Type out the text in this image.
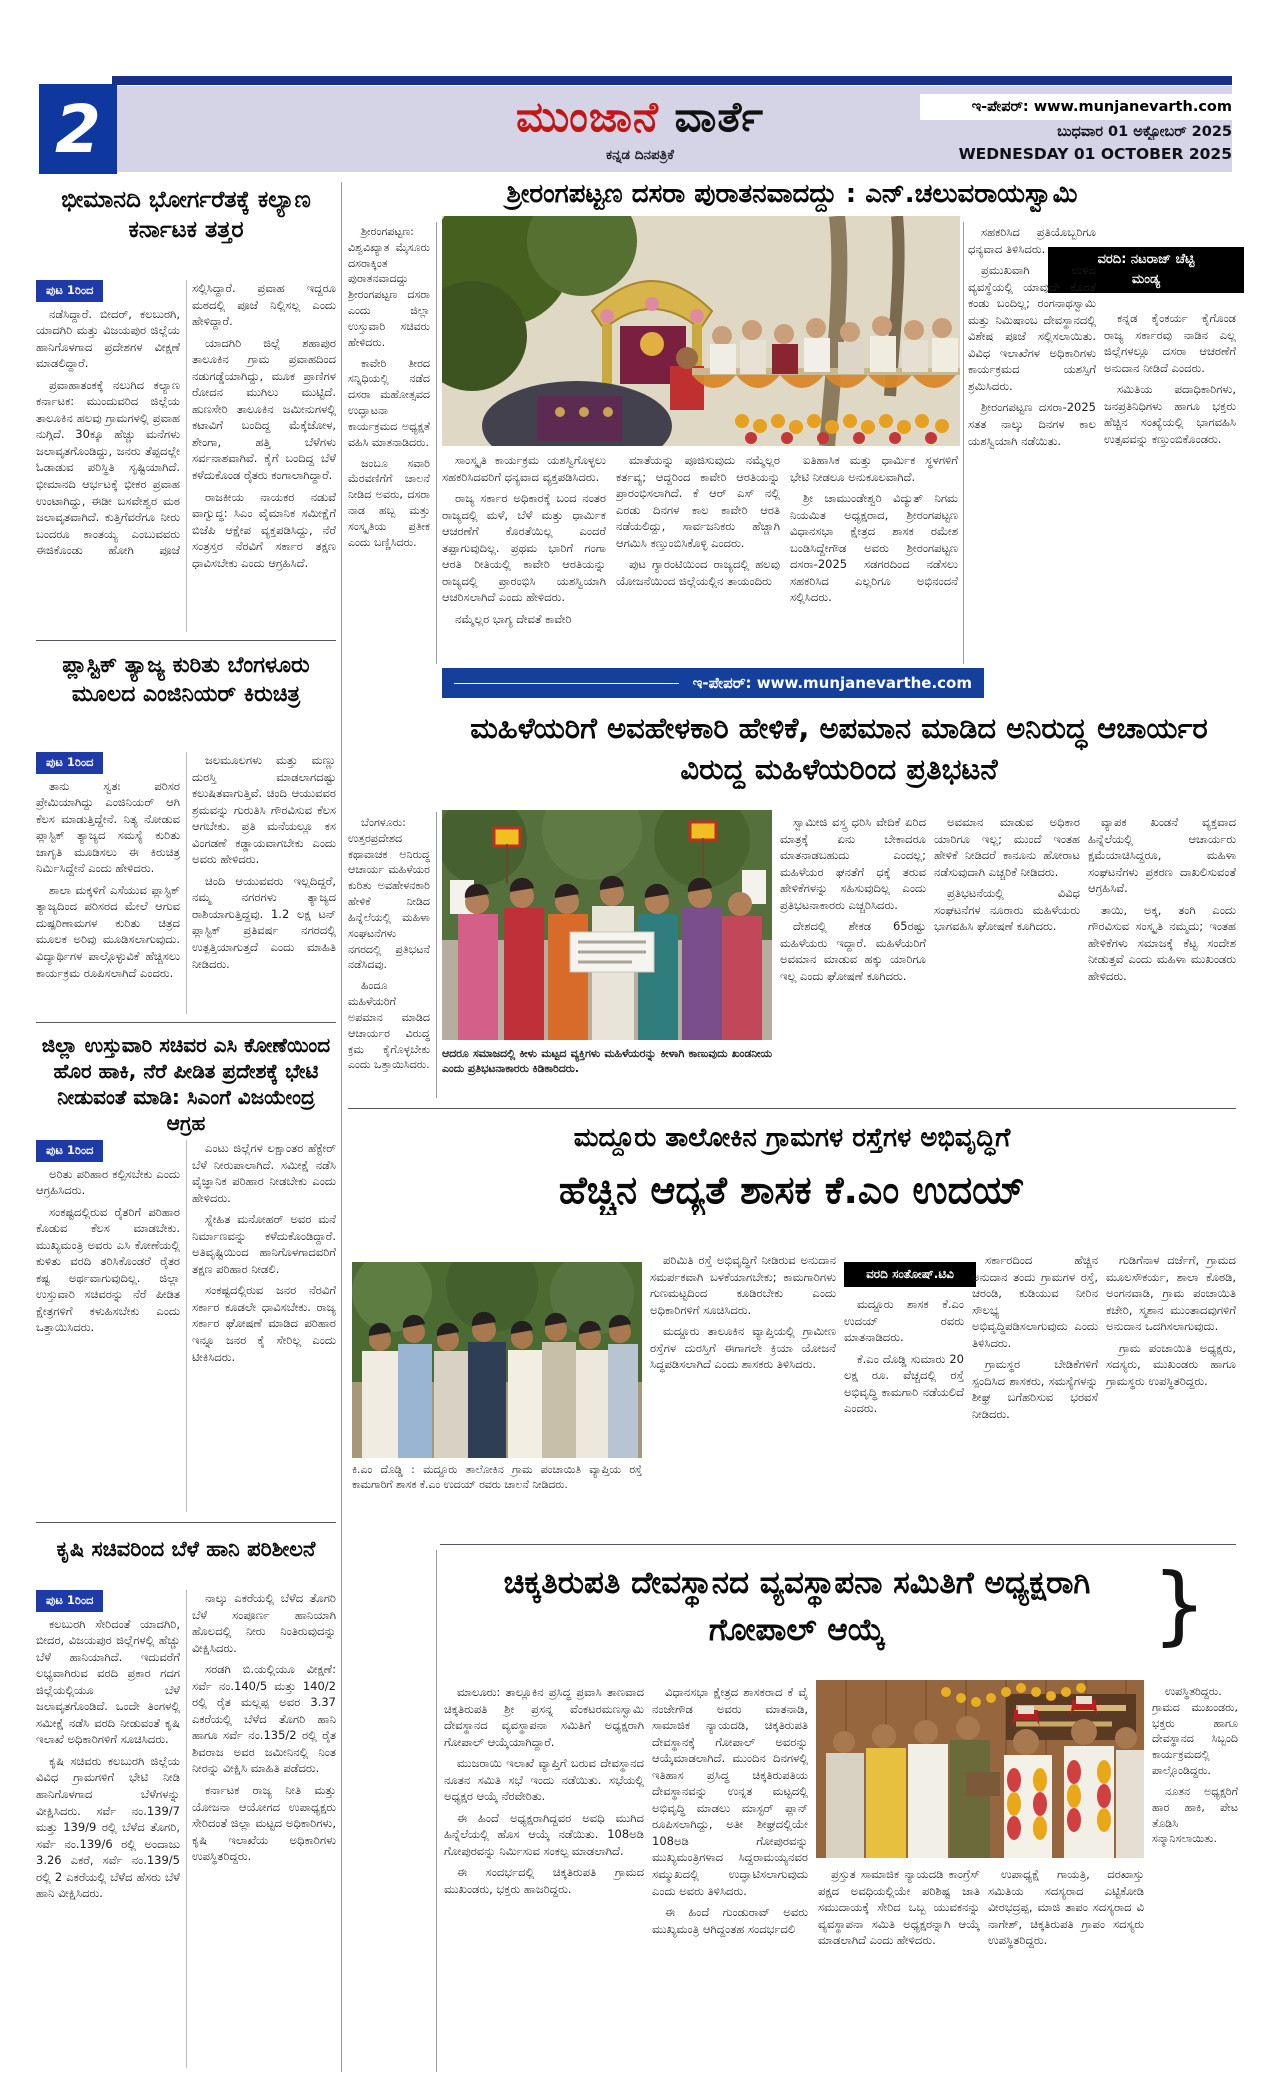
2	ಮುಂಜಾನೆ ವಾರ್ತೆ
ಕನ್ನಡ ದಿನಪತ್ರಿಕೆ
ಇ-ಪೇಪರ್: www.munjanevarth.com
ಬುಧವಾರ 01 ಅಕ್ಟೋಬರ್ 2025
WEDNESDAY 01 OCTOBER 2025
ಭೀಮಾನದಿ ಭೋರ್ಗರೆತಕ್ಕೆ ಕಲ್ಯಾಣ ಕರ್ನಾಟಕ ತತ್ತರ
ಪುಟ 1ರಿಂದ

ನಡೆಸಿದ್ದಾರೆ. ಬೀದರ್, ಕಲಬುರಗಿ, ಯಾದಗಿರಿ ಮತ್ತು ವಿಜಯಪುರ ಜಿಲ್ಲೆಯ ಹಾನಿಗೊಳಗಾದ ಪ್ರದೇಶಗಳ ವೀಕ್ಷಣೆ ಮಾಡಲಿದ್ದಾರೆ.

ಪ್ರವಾಹಾತಂಕಕ್ಕೆ ನಲುಗಿದ ಕಲ್ಯಾಣ ಕರ್ನಾಟಕ: ಮುಂದುವರಿದ ಜಿಲ್ಲೆಯ ತಾಲೂಕಿನ ಹಲವು ಗ್ರಾಮಗಳಲ್ಲಿ ಪ್ರವಾಹ ನುಗ್ಗಿದೆ. 30ಕ್ಕೂ ಹೆಚ್ಚು ಮನೆಗಳು ಜಲಾವೃತಗೊಂಡಿದ್ದು, ಜನರು ತೆಪ್ಪದಲ್ಲೇ ಓಡಾಡುವ ಪರಿಸ್ಥಿತಿ ಸೃಷ್ಟಿಯಾಗಿದೆ. ಭೀಮಾನದಿ ಆರ್ಭಟಕ್ಕೆ ಭೀಕರ ಪ್ರವಾಹ ಉಂಟಾಗಿದ್ದು, ಈಡೀ ಬಸವೇಶ್ವರ ಮಠ ಜಲಾವೃತವಾಗಿದೆ. ಕುತ್ತಿಗೆವರೆಗೂ ನೀರು ಬಂದರೂ ಕಾಂತಯ್ಯ ಎಂಬುವವರು ಈಜಿಕೊಂಡು ಹೋಗಿ ಪೂಜೆ ಸಲ್ಲಿಸಿದ್ದಾರೆ. ಪ್ರವಾಹ ಇದ್ದರೂ ಮಠದಲ್ಲಿ ಪೂಜೆ ನಿಲ್ಲಿಸಲ್ಲ ಎಂದು ಹೇಳಿದ್ದಾರೆ.

ಯಾದಗಿರಿ ಜಿಲ್ಲೆ ಶಹಾಪುರ ತಾಲೂಕಿನ ಗ್ರಾಮ ಪ್ರವಾಹದಿಂದ ನಡುಗಡ್ಡೆಯಾಗಿದ್ದು, ಮೂಕ ಪ್ರಾಣಿಗಳ ರೋದನ ಮುಗಿಲು ಮುಟ್ಟಿದೆ. ಹುಣಸೇರಿ ತಾಲೂಕಿನ ಜಮೀನುಗಳಲ್ಲಿ ಕಟಾವಿಗೆ ಬಂದಿದ್ದ ಮೆಕ್ಕೆಜೋಳ, ಶೇಂಗಾ, ಹತ್ತಿ ಬೆಳೆಗಳು ಸರ್ವನಾಶವಾಗಿವೆ. ಕೈಗೆ ಬಂದಿದ್ದ ಬೆಳೆ ಕಳೆದುಕೊಂಡ ರೈತರು ಕಂಗಾಲಾಗಿದ್ದಾರೆ.

ರಾಜಕೀಯ ನಾಯಕರ ನಡುವೆ ವಾಗ್ವುದ್ಧ: ಸಿಎಂ ವೈಮಾನಿಕ ಸಮೀಕ್ಷೆಗೆ ಬಿಜೆಪಿ ಆಕ್ಷೇಪ ವ್ಯಕ್ತಪಡಿಸಿದ್ದು, ನೆರೆ ಸಂತ್ರಸ್ತರ ನೆರವಿಗೆ ಸರ್ಕಾರ ತಕ್ಷಣ ಧಾವಿಸಬೇಕು ಎಂದು ಆಗ್ರಹಿಸಿದೆ.

ಪ್ಲಾಸ್ಟಿಕ್ ತ್ಯಾಜ್ಯ ಕುರಿತು ಬೆಂಗಳೂರು ಮೂಲದ ಎಂಜಿನಿಯರ್ ಕಿರುಚಿತ್ರ
ಪುಟ 1ರಿಂದ

ತಾನು ಸ್ವತಃ ಪರಿಸರ ಪ್ರೇಮಿಯಾಗಿದ್ದು ಎಂಜಿನಿಯರ್ ಆಗಿ ಕೆಲಸ ಮಾಡುತ್ತಿದ್ದೇನೆ. ನಿತ್ಯ ನೋಡುವ ಪ್ಲಾಸ್ಟಿಕ್ ತ್ಯಾಜ್ಯದ ಸಮಸ್ಯೆ ಕುರಿತು ಜಾಗೃತಿ ಮೂಡಿಸಲು ಈ ಕಿರುಚಿತ್ರ ನಿರ್ಮಿಸಿದ್ದೇನೆ ಎಂದು ಹೇಳಿದರು.

ಶಾಲಾ ಮಕ್ಕಳಿಗೆ ಎಸೆಯುವ ಪ್ಲಾಸ್ಟಿಕ್ ತ್ಯಾಜ್ಯದಿಂದ ಪರಿಸರದ ಮೇಲೆ ಆಗುವ ದುಷ್ಪರಿಣಾಮಗಳ ಕುರಿತು ಚಿತ್ರದ ಮೂಲಕ ಅರಿವು ಮೂಡಿಸಲಾಗುವುದು. ವಿದ್ಯಾರ್ಥಿಗಳ ಪಾಲ್ಗೊಳ್ಳುವಿಕೆ ಹೆಚ್ಚಿಸಲು ಕಾರ್ಯಕ್ರಮ ರೂಪಿಸಲಾಗಿದೆ ಎಂದರು.

ಜಲಮೂಲಗಳು ಮತ್ತು ಮಣ್ಣು ದುರಸ್ತಿ ಮಾಡಲಾಗದಷ್ಟು ಕಲುಷಿತವಾಗುತ್ತಿವೆ. ಚಿಂದಿ ಆಯುವವರ ಶ್ರಮವನ್ನು ಗುರುತಿಸಿ ಗೌರವಿಸುವ ಕೆಲಸ ಆಗಬೇಕು. ಪ್ರತಿ ಮನೆಯಲ್ಲೂ ಕಸ ವಿಂಗಡಣೆ ಕಡ್ಡಾಯವಾಗಬೇಕು ಎಂದು ಅವರು ಹೇಳಿದರು.

ಚಿಂದಿ ಆಯುವವರು ಇಲ್ಲದಿದ್ದರೆ, ನಮ್ಮ ನಗರಗಳು ತ್ಯಾಜ್ಯದ ರಾಶಿಯಾಗುತ್ತಿದ್ದವು. 1.2 ಲಕ್ಷ ಟನ್ ಪ್ಲಾಸ್ಟಿಕ್ ಪ್ರತಿವರ್ಷ ನಗರದಲ್ಲಿ ಉತ್ಪತ್ತಿಯಾಗುತ್ತದೆ ಎಂದು ಮಾಹಿತಿ ನೀಡಿದರು.

ಜಿಲ್ಲಾ ಉಸ್ತುವಾರಿ ಸಚಿವರ ಎಸಿ ಕೋಣೆಯಿಂದ ಹೊರ ಹಾಕಿ, ನೆರೆ ಪೀಡಿತ ಪ್ರದೇಶಕ್ಕೆ ಭೇಟಿ ನೀಡುವಂತೆ ಮಾಡಿ: ಸಿಎಂಗೆ ವಿಜಯೇಂದ್ರ ಆಗ್ರಹ
ಪುಟ 1ರಿಂದ

ಅರಿತು ಪರಿಹಾರ ಕಲ್ಪಿಸಬೇಕು ಎಂದು ಆಗ್ರಹಿಸಿದರು.

ಸಂಕಷ್ಟದಲ್ಲಿರುವ ರೈತರಿಗೆ ಪರಿಹಾರ ಕೊಡುವ ಕೆಲಸ ಮಾಡಬೇಕು. ಮುಖ್ಯಮಂತ್ರಿ ಅವರು ಎಸಿ ಕೋಣೆಯಲ್ಲಿ ಕುಳಿತು ವರದಿ ತರಿಸಿಕೊಂಡರೆ ರೈತರ ಕಷ್ಟ ಅರ್ಥವಾಗುವುದಿಲ್ಲ. ಜಿಲ್ಲಾ ಉಸ್ತುವಾರಿ ಸಚಿವರನ್ನು ನೆರೆ ಪೀಡಿತ ಕ್ಷೇತ್ರಗಳಿಗೆ ಕಳುಹಿಸಬೇಕು ಎಂದು ಒತ್ತಾಯಿಸಿದರು.

ಎಂಟು ಜಿಲ್ಲೆಗಳ ಲಕ್ಷಾಂತರ ಹೆಕ್ಟೇರ್ ಬೆಳೆ ನೀರುಪಾಲಾಗಿದೆ. ಸಮೀಕ್ಷೆ ನಡೆಸಿ ವೈಜ್ಞಾನಿಕ ಪರಿಹಾರ ನೀಡಬೇಕು ಎಂದು ಹೇಳಿದರು.

ಸ್ನೇಹಿತ ಮನೋಹರ್ ಅವರ ಮನೆ ನಿರ್ಮಾಣವನ್ನು ಕಳೆದುಕೊಂಡಿದ್ದಾರೆ. ಅತಿವೃಷ್ಟಿಯಿಂದ ಹಾನಿಗೊಳಗಾದವರಿಗೆ ತಕ್ಷಣ ಪರಿಹಾರ ನೀಡಲಿ.

ಸಂಕಷ್ಟದಲ್ಲಿರುವ ಜನರ ನೆರವಿಗೆ ಸರ್ಕಾರ ಕೂಡಲೇ ಧಾವಿಸಬೇಕು. ರಾಜ್ಯ ಸರ್ಕಾರ ಘೋಷಣೆ ಮಾಡಿದ ಪರಿಹಾರ ಇನ್ನೂ ಜನರ ಕೈ ಸೇರಿಲ್ಲ ಎಂದು ಟೀಕಿಸಿದರು.

ಕೃಷಿ ಸಚಿವರಿಂದ ಬೆಳೆ ಹಾನಿ ಪರಿಶೀಲನೆ
ಪುಟ 1ರಿಂದ

ಕಲಬುರಗಿ ಸೇರಿದಂತೆ ಯಾದಗಿರಿ, ಬೀದರ, ವಿಜಯಪುರ ಜಿಲ್ಲೆಗಳಲ್ಲಿ ಹೆಚ್ಚು ಬೆಳೆ ಹಾನಿಯಾಗಿದೆ. ಇದುವರೆಗೆ ಲಭ್ಯವಾಗಿರುವ ವರದಿ ಪ್ರಕಾರ ಗದಗ ಜಿಲ್ಲೆಯಲ್ಲಿಯೂ ಬೆಳೆ ಜಲಾವೃತಗೊಂಡಿದೆ. ಒಂದೇ ತಿಂಗಳಲ್ಲಿ ಸಮೀಕ್ಷೆ ನಡೆಸಿ ವರದಿ ನೀಡುವಂತೆ ಕೃಷಿ ಇಲಾಖೆ ಅಧಿಕಾರಿಗಳಿಗೆ ಸೂಚಿಸಿದರು.

ಕೃಷಿ ಸಚಿವರು ಕಲಬುರಗಿ ಜಿಲ್ಲೆಯ ವಿವಿಧ ಗ್ರಾಮಗಳಿಗೆ ಭೇಟಿ ನೀಡಿ ಹಾನಿಗೊಳಗಾದ ಬೆಳೆಗಳನ್ನು ವೀಕ್ಷಿಸಿದರು. ಸರ್ವೆ ನಂ.139/7 ಮತ್ತು 139/9 ರಲ್ಲಿ ಬೆಳೆದ ತೊಗರಿ, ಸರ್ವೆ ನಂ.139/6 ರಲ್ಲಿ ಅಂದಾಜು 3.26 ಎಕರೆ, ಸರ್ವೆ ನಂ.139/5 ರಲ್ಲಿ 2 ಎಕರೆಯಲ್ಲಿ ಬೆಳೆದ ಹೆಸರು ಬೆಳೆ ಹಾನಿ ವೀಕ್ಷಿಸಿದರು.

ನಾಲ್ಕು ಎಕರೆಯಲ್ಲಿ ಬೆಳೆದ ತೊಗರಿ ಬೆಳೆ ಸಂಪೂರ್ಣ ಹಾನಿಯಾಗಿ ಹೊಲದಲ್ಲಿ ನೀರು ನಿಂತಿರುವುದನ್ನು ವೀಕ್ಷಿಸಿದರು.

ಸರಡಗಿ ಬಿ.ಯಲ್ಲಿಯೂ ವೀಕ್ಷಣೆ: ಸರ್ವೆ ನಂ.140/5 ಮತ್ತು 140/2 ರಲ್ಲಿ ರೈತ ಮಲ್ಲಪ್ಪ ಅವರ 3.37 ಎಕರೆಯಲ್ಲಿ ಬೆಳೆದ ತೊಗರಿ ಹಾನಿ ಹಾಗೂ ಸರ್ವೆ ನಂ.135/2 ರಲ್ಲಿ ರೈತ ಶಿವರಾಜ ಅವರ ಜಮೀನಿನಲ್ಲಿ ನಿಂತ ನೀರನ್ನು ವೀಕ್ಷಿಸಿ ಮಾಹಿತಿ ಪಡೆದರು.

ಕರ್ನಾಟಕ ರಾಜ್ಯ ನೀತಿ ಮತ್ತು ಯೋಜನಾ ಆಯೋಗದ ಉಪಾಧ್ಯಕ್ಷರು ಸೇರಿದಂತೆ ಜಿಲ್ಲಾ ಮಟ್ಟದ ಅಧಿಕಾರಿಗಳು, ಕೃಷಿ ಇಲಾಖೆಯ ಅಧಿಕಾರಿಗಳು ಉಪಸ್ಥಿತರಿದ್ದರು.

ಶ್ರೀರಂಗಪಟ್ಟಣ ದಸರಾ ಪುರಾತನವಾದದ್ದು : ಎನ್.ಚಲುವರಾಯಸ್ವಾಮಿ

ಶ್ರೀರಂಗಪಟ್ಟಣ: ವಿಶ್ವವಿಖ್ಯಾತ ಮೈಸೂರು ದಸರಾಕ್ಕಿಂತ ಪುರಾತನವಾದದ್ದು ಶ್ರೀರಂಗಪಟ್ಟಣ ದಸರಾ ಎಂದು ಜಿಲ್ಲಾ ಉಸ್ತುವಾರಿ ಸಚಿವರು ಹೇಳಿದರು.

ಕಾವೇರಿ ತೀರದ ಸನ್ನಿಧಿಯಲ್ಲಿ ನಡೆದ ದಸರಾ ಮಹೋತ್ಸವದ ಉದ್ಘಾಟನಾ ಕಾರ್ಯಕ್ರಮದ ಅಧ್ಯಕ್ಷತೆ ವಹಿಸಿ ಮಾತನಾಡಿದರು.

ಜಂಬೂ ಸವಾರಿ ಮೆರವಣಿಗೆಗೆ ಚಾಲನೆ ನೀಡಿದ ಅವರು, ದಸರಾ ನಾಡ ಹಬ್ಬ ಮತ್ತು ಸಂಸ್ಕೃತಿಯ ಪ್ರತೀಕ ಎಂದು ಬಣ್ಣಿಸಿದರು.

ವರದಿ: ನಟರಾಜ್ ಚೆಟ್ಟಿ
ಮಂಡ್ಯ

ಸಹಕರಿಸಿದ ಪ್ರತಿಯೊಬ್ಬರಿಗೂ ಧನ್ಯವಾದ ತಿಳಿಸಿದರು.

ಪ್ರಮುಖವಾಗಿ ಉಳಿದ ವ್ಯವಸ್ಥೆಯಲ್ಲಿ ಯಾವುದೇ ಕೊರತೆ ಕಂಡು ಬಂದಿಲ್ಲ; ರಂಗನಾಥಸ್ವಾಮಿ ಮತ್ತು ನಿಮಿಷಾಂಬ ದೇವಸ್ಥಾನದಲ್ಲಿ ವಿಶೇಷ ಪೂಜೆ ಸಲ್ಲಿಸಲಾಯಿತು. ವಿವಿಧ ಇಲಾಖೆಗಳ ಅಧಿಕಾರಿಗಳು ಕಾರ್ಯಕ್ರಮದ ಯಶಸ್ಸಿಗೆ ಶ್ರಮಿಸಿದರು.

ಶ್ರೀರಂಗಪಟ್ಟಣ ದಸರಾ-2025 ಸತತ ನಾಲ್ಕು ದಿನಗಳ ಕಾಲ ಯಶಸ್ವಿಯಾಗಿ ನಡೆಯಿತು.

ಕನ್ನಡ ಕೈಂಕರ್ಯ ಕೈಗೊಂಡ ರಾಜ್ಯ ಸರ್ಕಾರವು ನಾಡಿನ ಎಲ್ಲ ಜಿಲ್ಲೆಗಳಲ್ಲೂ ದಸರಾ ಆಚರಣೆಗೆ ಅನುದಾನ ನೀಡಿದೆ ಎಂದರು.

ಸಮಿತಿಯ ಪದಾಧಿಕಾರಿಗಳು, ಜನಪ್ರತಿನಿಧಿಗಳು ಹಾಗೂ ಭಕ್ತರು ಹೆಚ್ಚಿನ ಸಂಖ್ಯೆಯಲ್ಲಿ ಭಾಗವಹಿಸಿ ಉತ್ಸವವನ್ನು ಕಣ್ತುಂಬಿಕೊಂಡರು.

ಸಾಂಸ್ಕೃತಿ ಕಾರ್ಯಕ್ರಮ ಯಶಸ್ವಿಗೊಳ್ಳಲು ಸಹಕರಿಸಿದವರಿಗೆ ಧನ್ಯವಾದ ವ್ಯಕ್ತಪಡಿಸಿದರು.

ರಾಜ್ಯ ಸರ್ಕಾರ ಅಧಿಕಾರಕ್ಕೆ ಬಂದ ನಂತರ ರಾಜ್ಯದಲ್ಲಿ ಮಳೆ, ಬೆಳೆ ಮತ್ತು ಧಾರ್ಮಿಕ ಆಚರಣೆಗೆ ಕೊರತೆಯಿಲ್ಲ ಎಂದರೆ ತಪ್ಪಾಗುವುದಿಲ್ಲ. ಪ್ರಥಮ ಭಾರಿಗೆ ಗಂಗಾ ಆರತಿ ರೀತಿಯಲ್ಲಿ ಕಾವೇರಿ ಆರತಿಯನ್ನು ರಾಜ್ಯದಲ್ಲಿ ಪ್ರಾರಂಭಿಸಿ ಯಶಸ್ವಿಯಾಗಿ ಆಚರಿಸಲಾಗಿದೆ ಎಂದು ಹೇಳಿದರು.

ನಮ್ಮೆಲ್ಲರ ಭಾಗ್ಯ ದೇವತೆ ಕಾವೇರಿ

ಮಾತೆಯನ್ನು ಪೂಜಿಸುವುದು ನಮ್ಮೆಲ್ಲರ ಕರ್ತವ್ಯ; ಆದ್ದರಿಂದ ಕಾವೇರಿ ಆರತಿಯನ್ನು ಪ್ರಾರಂಭಿಸಲಾಗಿದೆ. ಕೆ ಆರ್ ಎಸ್ ನಲ್ಲಿ ಎರಡು ದಿನಗಳ ಕಾಲ ಕಾವೇರಿ ಆರತಿ ನಡೆಯಲಿದ್ದು, ಸಾರ್ವಜನಿಕರು ಹೆಚ್ಚಾಗಿ ಆಗಮಿಸಿ ಕಣ್ತುಂಬಿಸಿಕೊಳ್ಳಿ ಎಂದರು.

ಪುಟ ಗ್ಯಾರಂಟಿಯಿಂದ ರಾಜ್ಯದಲ್ಲಿ ಹಲವು ಯೋಜನೆಯಿಂದ ಜಿಲ್ಲೆಯಲ್ಲಿನ ತಾಯಂದಿರು

ಐತಿಹಾಸಿಕ ಮತ್ತು ಧಾರ್ಮಿಕ ಸ್ಥಳಗಳಿಗೆ ಭೇಟಿ ನೀಡಲೂ ಅನುಕೂಲವಾಗಿದೆ.

ಶ್ರೀ ಚಾಮುಂಡೇಶ್ವರಿ ವಿದ್ಯುತ್ ನಿಗಮ ನಿಯಮಿತ ಅಧ್ಯಕ್ಷರಾದ, ಶ್ರೀರಂಗಪಟ್ಟಣ ವಿಧಾನಸಭಾ ಕ್ಷೇತ್ರದ ಶಾಸಕ ರಮೇಶ ಬಂಡಿಸಿದ್ದೇಗೌಡ ಅವರು ಶ್ರೀರಂಗಪಟ್ಟಣ ದಸರಾ-2025 ಸಡಗರದಿಂದ ನಡೆಸಲು ಸಹಕರಿಸಿದ ಎಲ್ಲರಿಗೂ ಅಭಿನಂದನೆ ಸಲ್ಲಿಸಿದರು.

ಇ-ಪೇಪರ್: www.munjanevarthe.com
ಮಹಿಳೆಯರಿಗೆ ಅವಹೇಳಕಾರಿ ಹೇಳಿಕೆ, ಅಪಮಾನ ಮಾಡಿದ ಅನಿರುದ್ಧ ಆಚಾರ್ಯರ ವಿರುದ್ಧ ಮಹಿಳೆಯರಿಂದ ಪ್ರತಿಭಟನೆ

ಬೆಂಗಳೂರು: ಉತ್ತರಪ್ರದೇಶದ ಕಥಾವಾಚಕ ಅನಿರುದ್ಧ ಆಚಾರ್ಯ ಮಹಿಳೆಯರ ಕುರಿತು ಅವಹೇಳನಕಾರಿ ಹೇಳಿಕೆ ನೀಡಿದ ಹಿನ್ನೆಲೆಯಲ್ಲಿ ಮಹಿಳಾ ಸಂಘಟನೆಗಳು ನಗರದಲ್ಲಿ ಪ್ರತಿಭಟನೆ ನಡೆಸಿದವು.

ಹಿಂದೂ ಮಹಿಳೆಯರಿಗೆ ಅಪಮಾನ ಮಾಡಿದ ಆಚಾರ್ಯರ ವಿರುದ್ಧ ಕ್ರಮ ಕೈಗೊಳ್ಳಬೇಕು ಎಂದು ಒತ್ತಾಯಿಸಿದರು.

ಆದರೂ ಸಮಾಜದಲ್ಲಿ ಕೀಳು ಮಟ್ಟದ ವ್ಯಕ್ತಿಗಳು ಮಹಿಳೆಯರನ್ನು ಕೀಳಾಗಿ ಕಾಣುವುದು ಖಂಡನೀಯ ಎಂದು ಪ್ರತಿಭಟನಾಕಾರರು ಕಿಡಿಕಾರಿದರು.

ಸ್ವಾಮೀಜಿ ವಸ್ತ್ರ ಧರಿಸಿ ವೇದಿಕೆ ಏರಿದ ಮಾತ್ರಕ್ಕೆ ಏನು ಬೇಕಾದರೂ ಮಾತನಾಡಬಹುದು ಎಂದಲ್ಲ; ಮಹಿಳೆಯರ ಘನತೆಗೆ ಧಕ್ಕೆ ತರುವ ಹೇಳಿಕೆಗಳನ್ನು ಸಹಿಸುವುದಿಲ್ಲ ಎಂದು ಪ್ರತಿಭಟನಾಕಾರರು ಎಚ್ಚರಿಸಿದರು.

ದೇಶದಲ್ಲಿ ಶೇಕಡ 65ರಷ್ಟು ಮಹಿಳೆಯರು ಇದ್ದಾರೆ. ಮಹಿಳೆಯರಿಗೆ ಅವಮಾನ ಮಾಡುವ ಹಕ್ಕು ಯಾರಿಗೂ ಇಲ್ಲ ಎಂದು ಘೋಷಣೆ ಕೂಗಿದರು.

ಅವಮಾನ ಮಾಡುವ ಅಧಿಕಾರ ಯಾರಿಗೂ ಇಲ್ಲ; ಮುಂದೆ ಇಂತಹ ಹೇಳಿಕೆ ನೀಡಿದರೆ ಕಾನೂನು ಹೋರಾಟ ನಡೆಸುವುದಾಗಿ ಎಚ್ಚರಿಕೆ ನೀಡಿದರು.

ಪ್ರತಿಭಟನೆಯಲ್ಲಿ ವಿವಿಧ ಸಂಘಟನೆಗಳ ನೂರಾರು ಮಹಿಳೆಯರು ಭಾಗವಹಿಸಿ ಘೋಷಣೆ ಕೂಗಿದರು.

ವ್ಯಾಪಕ ಖಂಡನೆ ವ್ಯಕ್ತವಾದ ಹಿನ್ನೆಲೆಯಲ್ಲಿ ಆಚಾರ್ಯರು ಕ್ಷಮೆಯಾಚಿಸಿದ್ದರೂ, ಮಹಿಳಾ ಸಂಘಟನೆಗಳು ಪ್ರಕರಣ ದಾಖಲಿಸುವಂತೆ ಆಗ್ರಹಿಸಿವೆ.

ತಾಯಿ, ಅಕ್ಕ, ತಂಗಿ ಎಂದು ಗೌರವಿಸುವ ಸಂಸ್ಕೃತಿ ನಮ್ಮದು; ಇಂತಹ ಹೇಳಿಕೆಗಳು ಸಮಾಜಕ್ಕೆ ಕೆಟ್ಟ ಸಂದೇಶ ನೀಡುತ್ತವೆ ಎಂದು ಮಹಿಳಾ ಮುಖಂಡರು ಹೇಳಿದರು.

ಮದ್ದೂರು ತಾಲೋಕಿನ ಗ್ರಾಮಗಳ ರಸ್ತೆಗಳ ಅಭಿವೃದ್ಧಿಗೆ
ಹೆಚ್ಚಿನ ಆದ್ಯತೆ ಶಾಸಕ ಕೆ.ಎಂ ಉದಯ್
ಕಿ.ಎಂ ದೊಡ್ಡಿ : ಮದ್ದೂರು ತಾಲೋಕಿನ ಗ್ರಾಮ ಪಂಚಾಯಿತಿ ವ್ಯಾಪ್ತಿಯ ರಸ್ತೆ ಕಾಮಗಾರಿಗೆ ಶಾಸಕ ಕೆ.ಎಂ ಉದಯ್ ರವರು ಚಾಲನೆ ನೀಡಿದರು.

ಪರಿಮಿತಿ ರಸ್ತೆ ಅಭಿವೃದ್ಧಿಗೆ ನೀಡಿರುವ ಅನುದಾನ ಸಮರ್ಪಕವಾಗಿ ಬಳಕೆಯಾಗಬೇಕು; ಕಾಮಗಾರಿಗಳು ಗುಣಮಟ್ಟದಿಂದ ಕೂಡಿರಬೇಕು ಎಂದು ಅಧಿಕಾರಿಗಳಿಗೆ ಸೂಚಿಸಿದರು.

ಮದ್ದೂರು ತಾಲೂಕಿನ ವ್ಯಾಪ್ತಿಯಲ್ಲಿ ಗ್ರಾಮೀಣ ರಸ್ತೆಗಳ ದುರಸ್ತಿಗೆ ಈಗಾಗಲೇ ಕ್ರಿಯಾ ಯೋಜನೆ ಸಿದ್ಧಪಡಿಸಲಾಗಿದೆ ಎಂದು ಶಾಸಕರು ತಿಳಿಸಿದರು.

ವರದಿ ಸಂತೋಷ್.ಟಿವಿ

ಮದ್ದೂರು ಶಾಸಕ ಕೆ.ಎಂ ಉದಯ್ ರವರು ಮಾತನಾಡಿದರು.

ಕೆ.ಎಂ ದೊಡ್ಡಿ ಸುಮಾರು 20 ಲಕ್ಷ ರೂ. ವೆಚ್ಚದಲ್ಲಿ ರಸ್ತೆ ಅಭಿವೃದ್ಧಿ ಕಾಮಗಾರಿ ನಡೆಯಲಿದೆ ಎಂದರು.

ಸರ್ಕಾರದಿಂದ ಹೆಚ್ಚಿನ ಅನುದಾನ ತಂದು ಗ್ರಾಮಗಳ ರಸ್ತೆ, ಚರಂಡಿ, ಕುಡಿಯುವ ನೀರಿನ ಸೌಲಭ್ಯ ಅಭಿವೃದ್ಧಿಪಡಿಸಲಾಗುವುದು ಎಂದು ತಿಳಿಸಿದರು.

ಗ್ರಾಮಸ್ಥರ ಬೇಡಿಕೆಗಳಿಗೆ ಸ್ಪಂದಿಸಿದ ಶಾಸಕರು, ಸಮಸ್ಯೆಗಳನ್ನು ಶೀಘ್ರ ಬಗೆಹರಿಸುವ ಭರವಸೆ ನೀಡಿದರು.

ಗುಡಿಗೆನಾಳ ದರ್ಜೆಗೆ, ಗ್ರಾಮದ ಮೂಲಸೌಕರ್ಯ, ಶಾಲಾ ಕೊಠಡಿ, ಅಂಗನವಾಡಿ, ಗ್ರಾಮ ಪಂಚಾಯಿತಿ ಕಚೇರಿ, ಸ್ಮಶಾನ ಮುಂತಾದವುಗಳಿಗೆ ಅನುದಾನ ಒದಗಿಸಲಾಗುವುದು.

ಗ್ರಾಮ ಪಂಚಾಯಿತಿ ಅಧ್ಯಕ್ಷರು, ಸದಸ್ಯರು, ಮುಖಂಡರು ಹಾಗೂ ಗ್ರಾಮಸ್ಥರು ಉಪಸ್ಥಿತರಿದ್ದರು.

ಚಿಕ್ಕತಿರುಪತಿ ದೇವಸ್ಥಾನದ ವ್ಯವಸ್ಥಾಪನಾ ಸಮಿತಿಗೆ ಅಧ್ಯಕ್ಷರಾಗಿ ಗೋಪಾಲ್ ಆಯ್ಕೆ	}

ಮಾಲೂರು: ತಾಲ್ಲೂಕಿನ ಪ್ರಸಿದ್ಧ ಪ್ರವಾಸಿ ತಾಣವಾದ ಚಿಕ್ಕತಿರುಪತಿ ಶ್ರೀ ಪ್ರಸನ್ನ ವೆಂಕಟರಮಣಸ್ವಾಮಿ ದೇವಸ್ಥಾನದ ವ್ಯವಸ್ಥಾಪನಾ ಸಮಿತಿಗೆ ಅಧ್ಯಕ್ಷರಾಗಿ ಗೋಪಾಲ್ ಆಯ್ಕೆಯಾಗಿದ್ದಾರೆ.

ಮುಜರಾಯಿ ಇಲಾಖೆ ವ್ಯಾಪ್ತಿಗೆ ಬರುವ ದೇವಸ್ಥಾನದ ನೂತನ ಸಮಿತಿ ಸಭೆ ಇಂದು ನಡೆಯಿತು. ಸಭೆಯಲ್ಲಿ ಅಧ್ಯಕ್ಷರ ಆಯ್ಕೆ ನೆರವೇರಿತು.

ಈ ಹಿಂದೆ ಅಧ್ಯಕ್ಷರಾಗಿದ್ದವರ ಅವಧಿ ಮುಗಿದ ಹಿನ್ನೆಲೆಯಲ್ಲಿ ಹೊಸ ಆಯ್ಕೆ ನಡೆಯಿತು. 108ಅಡಿ ಗೋಪುರವನ್ನು ನಿರ್ಮಿಸುವ ಸಂಕಲ್ಪ ಮಾಡಲಾಗಿದೆ.

ಈ ಸಂದರ್ಭದಲ್ಲಿ ಚಿಕ್ಕತಿರುಪತಿ ಗ್ರಾಮದ ಮುಖಂಡರು, ಭಕ್ತರು ಹಾಜರಿದ್ದರು.

ವಿಧಾನಸಭಾ ಕ್ಷೇತ್ರದ ಶಾಸಕರಾದ ಕೆ ವೈ ನಂಜೇಗೌಡ ಅವರು ಮಾತನಾಡಿ, ಸಾಮಾಜಿಕ ನ್ಯಾಯದಡಿ, ಚಿಕ್ಕತಿರುಪತಿ ದೇವಸ್ಥಾನಕ್ಕೆ ಗೋಪಾಲ್ ಅವರನ್ನು ಆಯ್ಕೆಮಾಡಲಾಗಿದೆ. ಮುಂದಿನ ದಿನಗಳಲ್ಲಿ ಇತಿಹಾಸ ಪ್ರಸಿದ್ಧ ಚಿಕ್ಕತಿರುಪತಿಯ ದೇವಸ್ಥಾನವನ್ನು ಉನ್ನತ ಮಟ್ಟದಲ್ಲಿ ಅಭಿವೃದ್ಧಿ ಮಾಡಲು ಮಾಸ್ಟರ್ ಪ್ಲಾನ್ ರೂಪಿಸಲಾಗಿದ್ದು, ಅತೀ ಶೀಘ್ರದಲ್ಲಿಯೇ 108ಅಡಿ ಗೋಪುರವನ್ನು ಮುಖ್ಯಮಂತ್ರಿಗಳಾದ ಸಿದ್ದರಾಮಯ್ಯನವರ ಸಮ್ಮುಖದಲ್ಲಿ ಉದ್ಘಾಟಿಸಲಾಗುವುದು ಎಂದು ಅವರು ತಿಳಿಸಿದರು.

ಈ ಹಿಂದೆ ಗುಂಡುರಾವ್ ಅವರು ಮುಖ್ಯಮಂತ್ರಿ ಆಗಿದ್ದಂತಹ ಸಂದರ್ಭದಲಿ

ಉಪಸ್ಥಿತರಿದ್ದರು. ಗ್ರಾಮದ ಮುಖಂಡರು, ಭಕ್ತರು ಹಾಗೂ ದೇವಸ್ಥಾನದ ಸಿಬ್ಬಂದಿ ಕಾರ್ಯಕ್ರಮದಲ್ಲಿ ಪಾಲ್ಗೊಂಡಿದ್ದರು.

ನೂತನ ಅಧ್ಯಕ್ಷರಿಗೆ ಹಾರ ಹಾಕಿ, ಪೇಟ ತೊಡಿಸಿ ಸನ್ಮಾನಿಸಲಾಯಿತು.

ಪ್ರಸ್ತುತ ಸಾಮಾಜಿಕ ನ್ಯಾಯದಡಿ ಕಾಂಗ್ರೆಸ್ ಪಕ್ಷದ ಅವಧಿಯಲ್ಲಿಯೇ ಪರಿಶಿಷ್ಟ ಜಾತಿ ಸಮುದಾಯಕ್ಕೆ ಸೇರಿದ ಒಬ್ಬ ಯುವಕನನ್ನು ವ್ಯವಸ್ಥಾಪನಾ ಸಮಿತಿ ಅಧ್ಯಕ್ಷರನ್ನಾಗಿ ಆಯ್ಕೆ ಮಾಡಲಾಗಿದೆ ಎಂದು ಹೇಳಿದರು.

ಉಪಾಧ್ಯಕ್ಷೆ ಗಾಯತ್ರಿ, ದರಖಾಸ್ತು ಸಮಿತಿಯ ಸದಸ್ಯರಾದ ಎಟ್ಟಿಕೋಡಿ ವೀರಭದ್ರಪ್ಪ, ಮಾಜಿ ತಾಪಂ ಸದಸ್ಯರಾದ ವಿ ನಾಗೇಶ್, ಚಿಕ್ಕತಿರುಪತಿ ಗ್ರಾಪಂ ಸದಸ್ಯರು ಉಪಸ್ಥಿತರಿದ್ದರು.
